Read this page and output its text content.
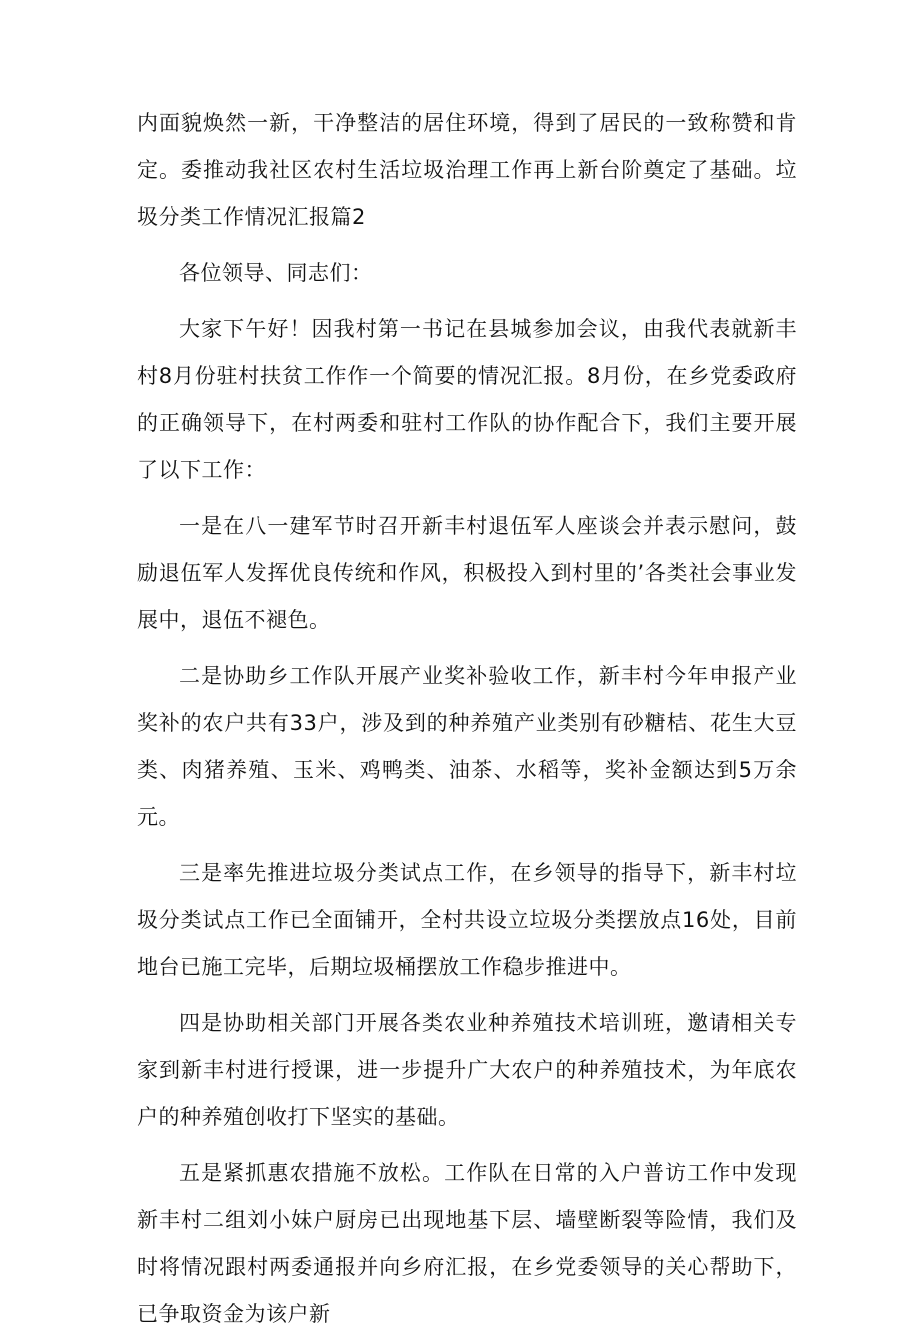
内面貌焕然一新，干净整洁的居住环境，得到了居民的一致称赞和肯定。委推动我社区农村生活垃圾治理工作再上新台阶奠定了基础。垃圾分类工作情况汇报篇2

各位领导、同志们：

大家下午好！因我村第一书记在县城参加会议，由我代表就新丰村8月份驻村扶贫工作作一个简要的情况汇报。8月份，在乡党委政府的正确领导下，在村两委和驻村工作队的协作配合下，我们主要开展了以下工作：

一是在八一建军节时召开新丰村退伍军人座谈会并表示慰问，鼓励退伍军人发挥优良传统和作风，积极投入到村里的’各类社会事业发展中，退伍不褪色。

二是协助乡工作队开展产业奖补验收工作，新丰村今年申报产业奖补的农户共有33户，涉及到的种养殖产业类别有砂糖桔、花生大豆类、肉猪养殖、玉米、鸡鸭类、油茶、水稻等，奖补金额达到5万余元。

三是率先推进垃圾分类试点工作，在乡领导的指导下，新丰村垃圾分类试点工作已全面铺开，全村共设立垃圾分类摆放点16处，目前地台已施工完毕，后期垃圾桶摆放工作稳步推进中。

四是协助相关部门开展各类农业种养殖技术培训班，邀请相关专家到新丰村进行授课，进一步提升广大农户的种养殖技术，为年底农户的种养殖创收打下坚实的基础。

五是紧抓惠农措施不放松。工作队在日常的入户普访工作中发现新丰村二组刘小妹户厨房已出现地基下层、墙壁断裂等险情，我们及时将情况跟村两委通报并向乡府汇报，在乡党委领导的关心帮助下，已争取资金为该户新
